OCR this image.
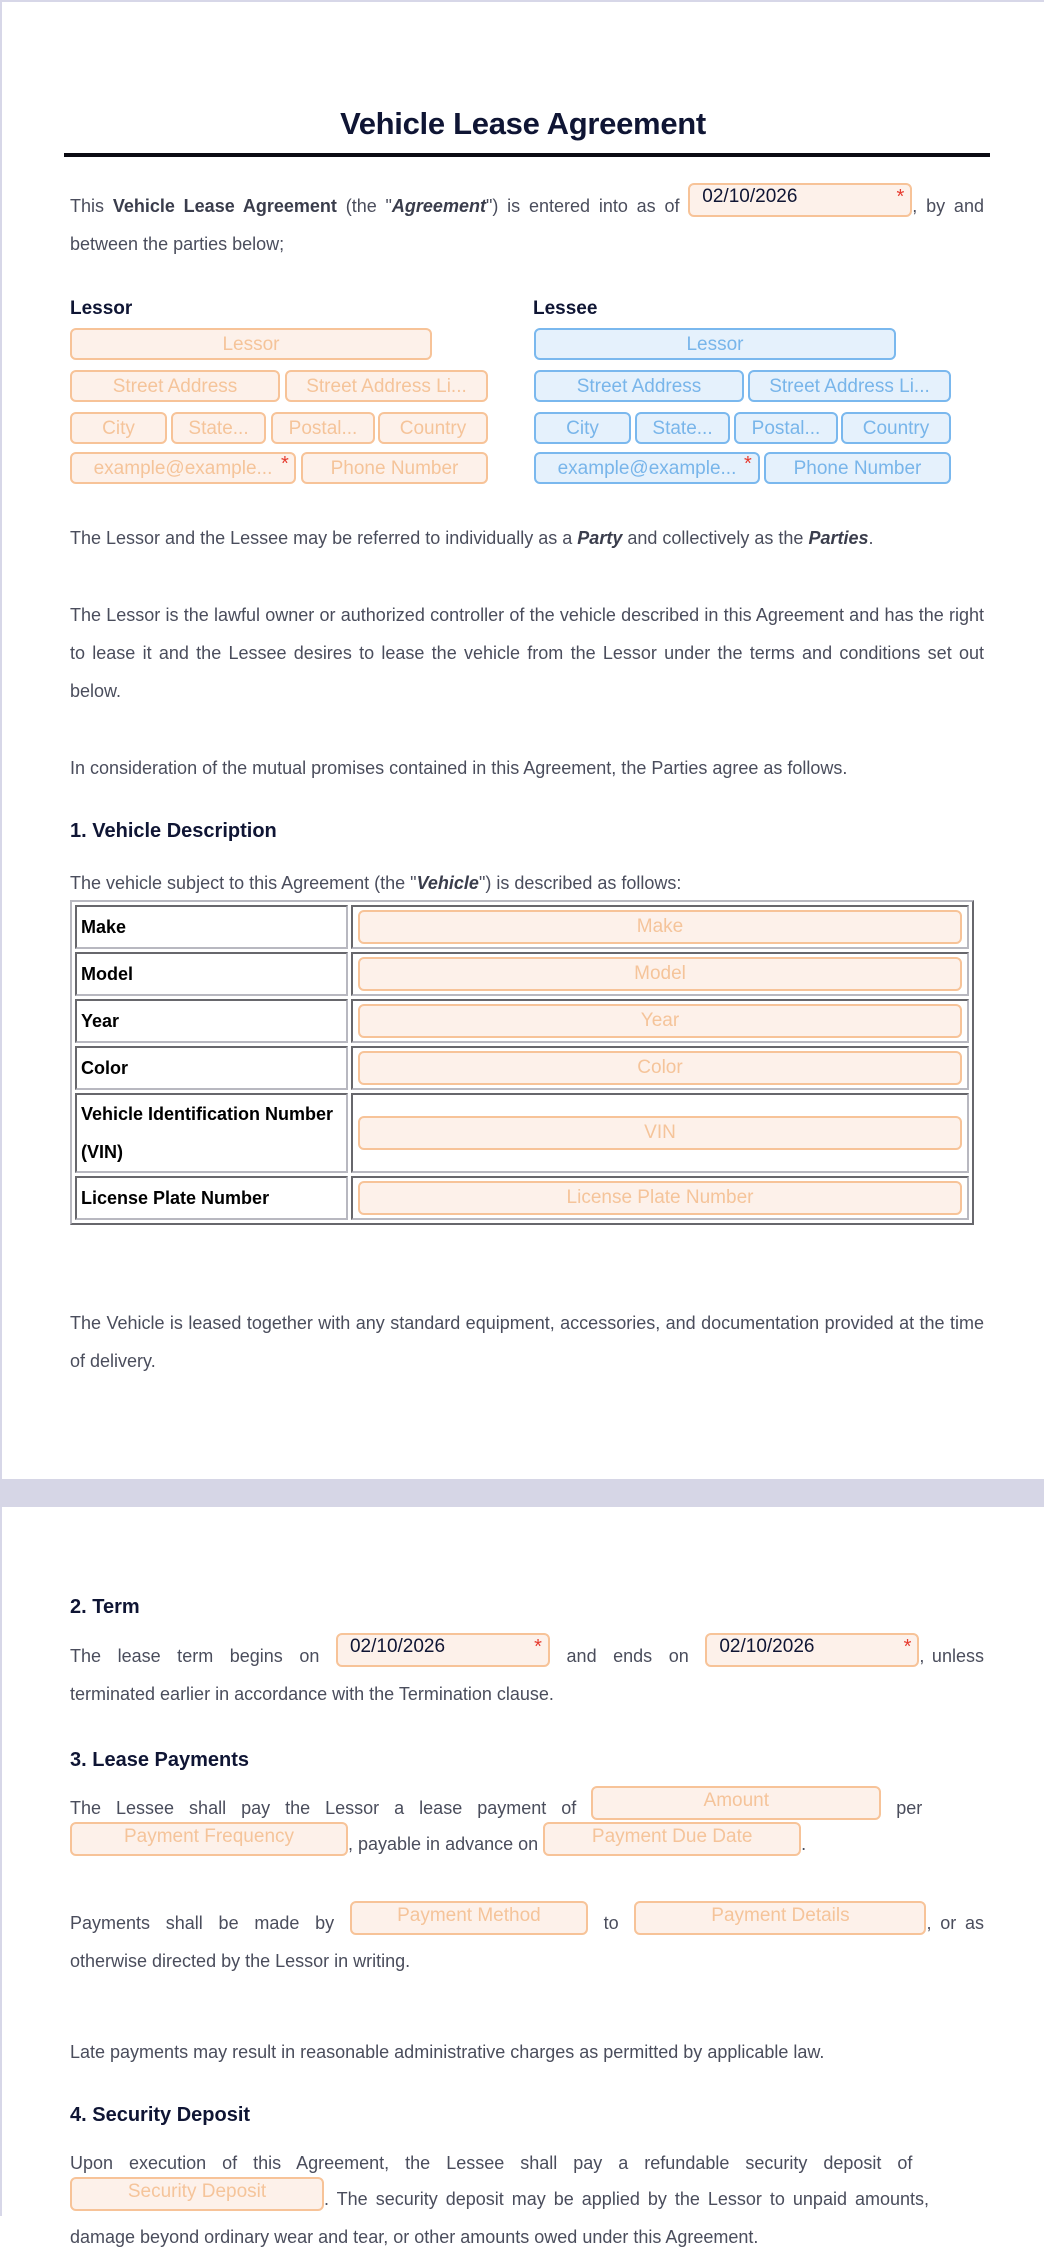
Vehicle Lease Agreement

This Vehicle Lease Agreement (the "Agreement") is entered into as of 02/10/2026	* , by and between the parties below;

Lessor
Lessor
Street Address	Street Address Li...
City	State...	Postal...	Country
example@example... *	Phone Number
Lessee
Lessor
Street Address	Street Address Li...
City	State...	Postal...	Country
example@example... *	Phone Number

The Lessor and the Lessee may be referred to individually as a Party and collectively as the Parties.

The Lessor is the lawful owner or authorized controller of the vehicle described in this Agreement and has the right to lease it and the Lessee desires to lease the vehicle from the Lessor under the terms and conditions set out below.

In consideration of the mutual promises contained in this Agreement, the Parties agree as follows.

1. Vehicle Description

The vehicle subject to this Agreement (the "Vehicle") is described as follows:

Make	Make

Model	Model

Year	Year

Color	Color

Vehicle Identification Number (VIN)	VIN

License Plate Number	License Plate Number

The Vehicle is leased together with any standard equipment, accessories, and documentation provided at the time of delivery.

2. Term

The lease term begins on 02/10/2026	* and ends on 02/10/2026	* , unless terminated earlier in accordance with the Termination clause.

3. Lease Payments

The Lessee shall pay the Lessor a lease payment of	Amount	per

Payment Frequency	, payable in advance on	Payment Due Date	.

Payments shall be made by	Payment Method	to	Payment Details	, or as otherwise directed by the Lessor in writing.

Late payments may result in reasonable administrative charges as permitted by applicable law.

4. Security Deposit

Upon execution of this Agreement, the Lessee shall pay a refundable security deposit of

Security Deposit	. The security deposit may be applied by the Lessor to unpaid amounts,

damage beyond ordinary wear and tear, or other amounts owed under this Agreement.
